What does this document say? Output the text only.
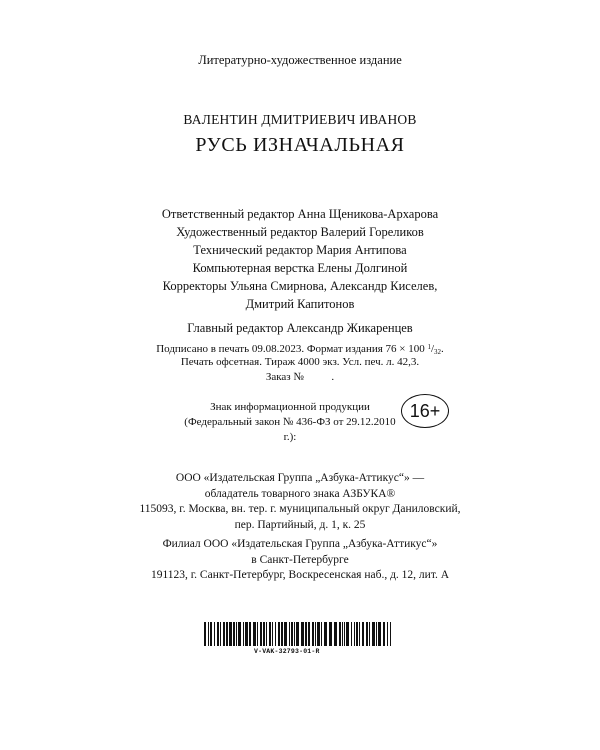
Литературно-художественное издание
ВАЛЕНТИН ДМИТРИЕВИЧ ИВАНОВ
РУСЬ ИЗНАЧАЛЬНАЯ
Ответственный редактор Анна Щеникова-Архарова
Художественный редактор Валерий Гореликов
Технический редактор Мария Антипова
Компьютерная верстка Елены Долгиной
Корректоры Ульяна Смирнова, Александр Киселев,
Дмитрий Капитонов
Главный редактор Александр Жикаренцев
Подписано в печать 09.08.2023. Формат издания 76 × 100 $^1$/32.
Печать офсетная. Тираж 4000 экз. Усл. печ. л. 42,3.
Заказ №          .
Знак информационной продукции
(Федеральный закон № 436-ФЗ от 29.12.2010 г.):
16+
ООО «Издательская Группа „Азбука-Аттикус“» —
обладатель товарного знака АЗБУКА®
115093, г. Москва, вн. тер. г. муниципальный округ Даниловский,
пер. Партийный, д. 1, к. 25
Филиал ООО «Издательская Группа „Азбука-Аттикус“»
в Санкт-Петербурге
191123, г. Санкт-Петербург, Воскресенская наб., д. 12, лит. А
V-VAK-32793-01-R
